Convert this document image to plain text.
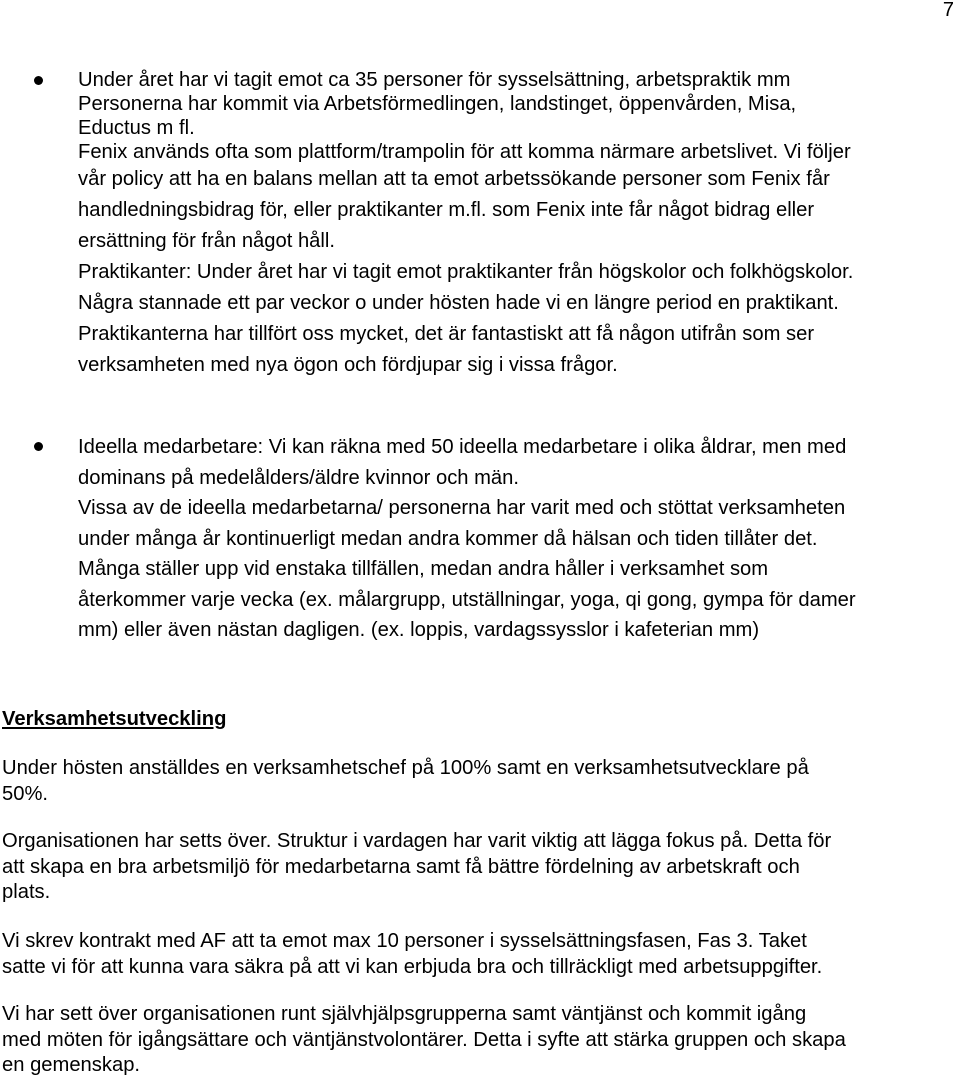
7

Under året har vi tagit emot ca 35 personer för sysselsättning, arbetspraktik mm

Personerna har kommit via Arbetsförmedlingen, landstinget, öppenvården, Misa,

Eductus m fl.

Fenix används ofta som plattform/trampolin för att komma närmare arbetslivet. Vi följer

vår policy att ha en balans mellan att ta emot arbetssökande personer som Fenix får

handledningsbidrag för, eller praktikanter m.fl. som Fenix inte får något bidrag eller

ersättning för från något håll.

Praktikanter: Under året har vi tagit emot praktikanter från högskolor och folkhögskolor.

Några stannade ett par veckor o under hösten hade vi en längre period en praktikant.

Praktikanterna har tillfört oss mycket, det är fantastiskt att få någon utifrån som ser

verksamheten med nya ögon och fördjupar sig i vissa frågor.

Ideella medarbetare: Vi kan räkna med 50 ideella medarbetare i olika åldrar, men med

dominans på medelålders/äldre kvinnor och män.

Vissa av de ideella medarbetarna/ personerna har varit med och stöttat verksamheten

under många år kontinuerligt medan andra kommer då hälsan och tiden tillåter det.

Många ställer upp vid enstaka tillfällen, medan andra håller i verksamhet som

återkommer varje vecka (ex. målargrupp, utställningar, yoga, qi gong, gympa för damer

mm) eller även nästan dagligen. (ex. loppis, vardagssysslor i kafeterian mm)

Verksamhetsutveckling
Under hösten anställdes en verksamhetschef på 100% samt en verksamhetsutvecklare på
50%.
Organisationen har setts över. Struktur i vardagen har varit viktig att lägga fokus på. Detta för
att skapa en bra arbetsmiljö för medarbetarna samt få bättre fördelning av arbetskraft och
plats.
Vi skrev kontrakt med AF att ta emot max 10 personer i sysselsättningsfasen, Fas 3. Taket
satte vi för att kunna vara säkra på att vi kan erbjuda bra och tillräckligt med arbetsuppgifter.
Vi har sett över organisationen runt självhjälpsgrupperna samt väntjänst och kommit igång
med möten för igångsättare och väntjänstvolontärer. Detta i syfte att stärka gruppen och skapa
en gemenskap.
